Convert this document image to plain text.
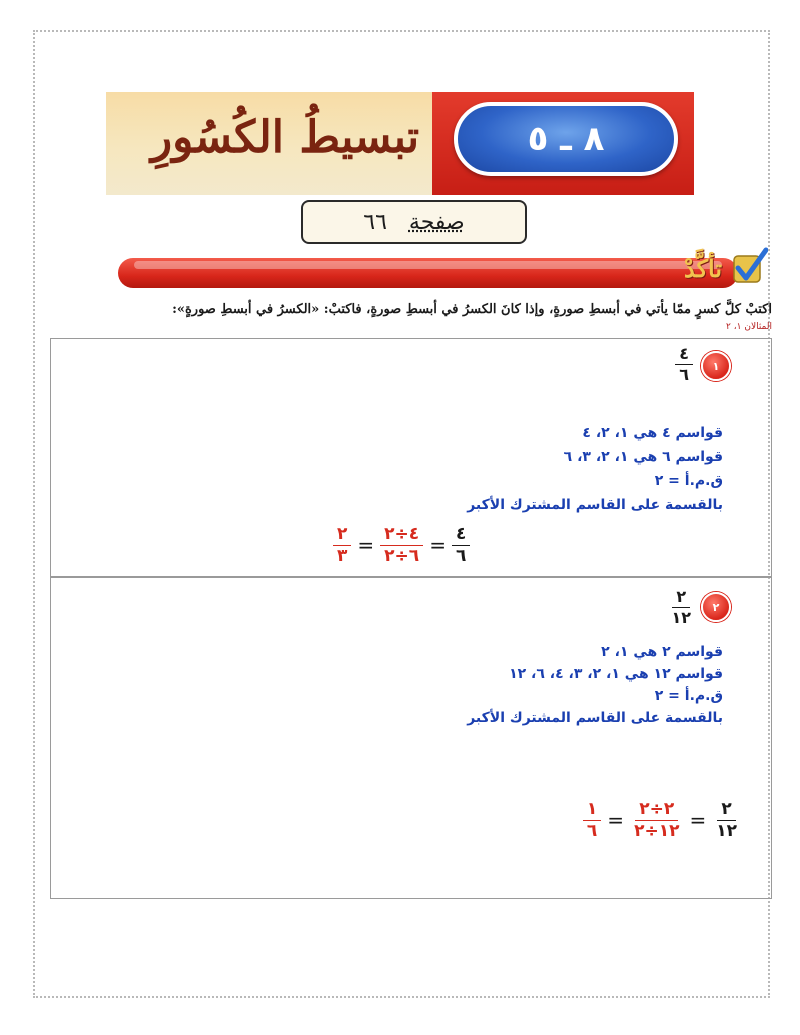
٨ ـ ٥
تبسيطُ الكُسُورِ
صفحة
٦٦
تأكَّدْ
اكتبْ كلَّ كسرٍ ممّا يأتي في أبسطِ صورةٍ، وإذا كانَ الكسرُ في أبسطِ صورةٍ، فاكتبْ: «الكسرُ في أبسطِ صورةٍ»:
المثالان ١، ٢
١
٤
٦
قواسم ٤ هي ١، ٢، ٤
قواسم ٦ هي ١، ٢، ٣، ٦
ق.م.أ = ٢
بالقسمة على القاسم المشترك الأكبر
$\frac{٢}{٣} = \frac{٤\div ٢}{٦\div ٢} = \frac{٤}{٦}$
٢
٢
١٢
قواسم ٢ هي ١، ٢
قواسم ١٢ هي ١، ٢، ٣، ٤، ٦، ١٢
ق.م.أ = ٢
بالقسمة على القاسم المشترك الأكبر
$\frac{١}{٦} = \frac{٢\div ٢}{١٢\div ٢} = \frac{٢}{١٢}$
